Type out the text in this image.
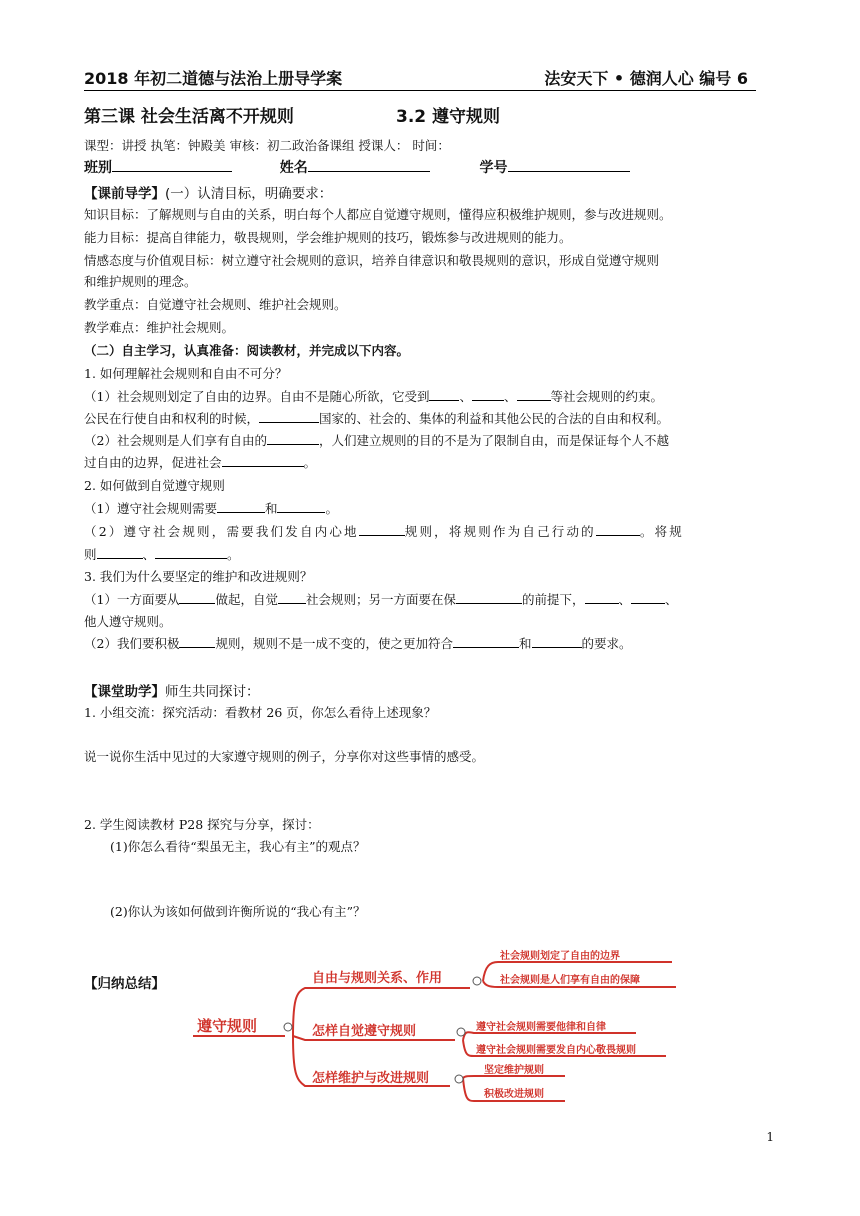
2018 年初二道德与法治上册导学案	法安天下 • 德润人心 编号 6
第三课 社会生活离不开规则	3.2 遵守规则
课型：讲授 执笔：钟殿美 审核：初二政治备课组 授课人： 时间：
班别	姓名	学号
【课前导学】(一）认清目标，明确要求：
知识目标：了解规则与自由的关系，明白每个人都应自觉遵守规则，懂得应积极维护规则，参与改进规则。
能力目标：提高自律能力，敬畏规则，学会维护规则的技巧，锻炼参与改进规则的能力。
情感态度与价值观目标：树立遵守社会规则的意识，培养自律意识和敬畏规则的意识，形成自觉遵守规则
和维护规则的理念。
教学重点：自觉遵守社会规则、维护社会规则。
教学难点：维护社会规则。
（二）自主学习，认真准备：阅读教材，并完成以下内容。
1. 如何理解社会规则和自由不可分？
（1）社会规则划定了自由的边界。自由不是随心所欲，它受到 、	、	等社会规则的约束。
公民在行使自由和权利的时候，	国家的、社会的、集体的利益和其他公民的合法的自由和权利。
（2）社会规则是人们享有自由的	，人们建立规则的目的不是为了限制自由，而是保证每个人不越
过自由的边界，促进社会	。
2. 如何做到自觉遵守规则
（1）遵守社会规则需要	和	。
（2）遵守社会规则，需要我们发自内心地	规则，将规则作为自己行动的	。将规
则	、	。
3. 我们为什么要坚定的维护和改进规则？
（1）一方面要从	做起，自觉 社会规则；另一方面要在保	的前提下，	、	、
他人遵守规则。
（2）我们要积极	规则，规则不是一成不变的，使之更加符合	和	的要求。
【课堂助学】师生共同探讨：
1. 小组交流：探究活动：看教材 26 页，你怎么看待上述现象？
说一说你生活中见过的大家遵守规则的例子，分享你对这些事情的感受。
2. 学生阅读教材 P28 探究与分享，探讨：
(1)你怎么看待“梨虽无主，我心有主”的观点？
(2)你认为该如何做到许衡所说的“我心有主”？
【归纳总结】
遵守规则
自由与规则关系、作用
怎样自觉遵守规则
怎样维护与改进规则
社会规则划定了自由的边界
社会规则是人们享有自由的保障
遵守社会规则需要他律和自律
遵守社会规则需要发自内心敬畏规则
坚定维护规则
积极改进规则
1
